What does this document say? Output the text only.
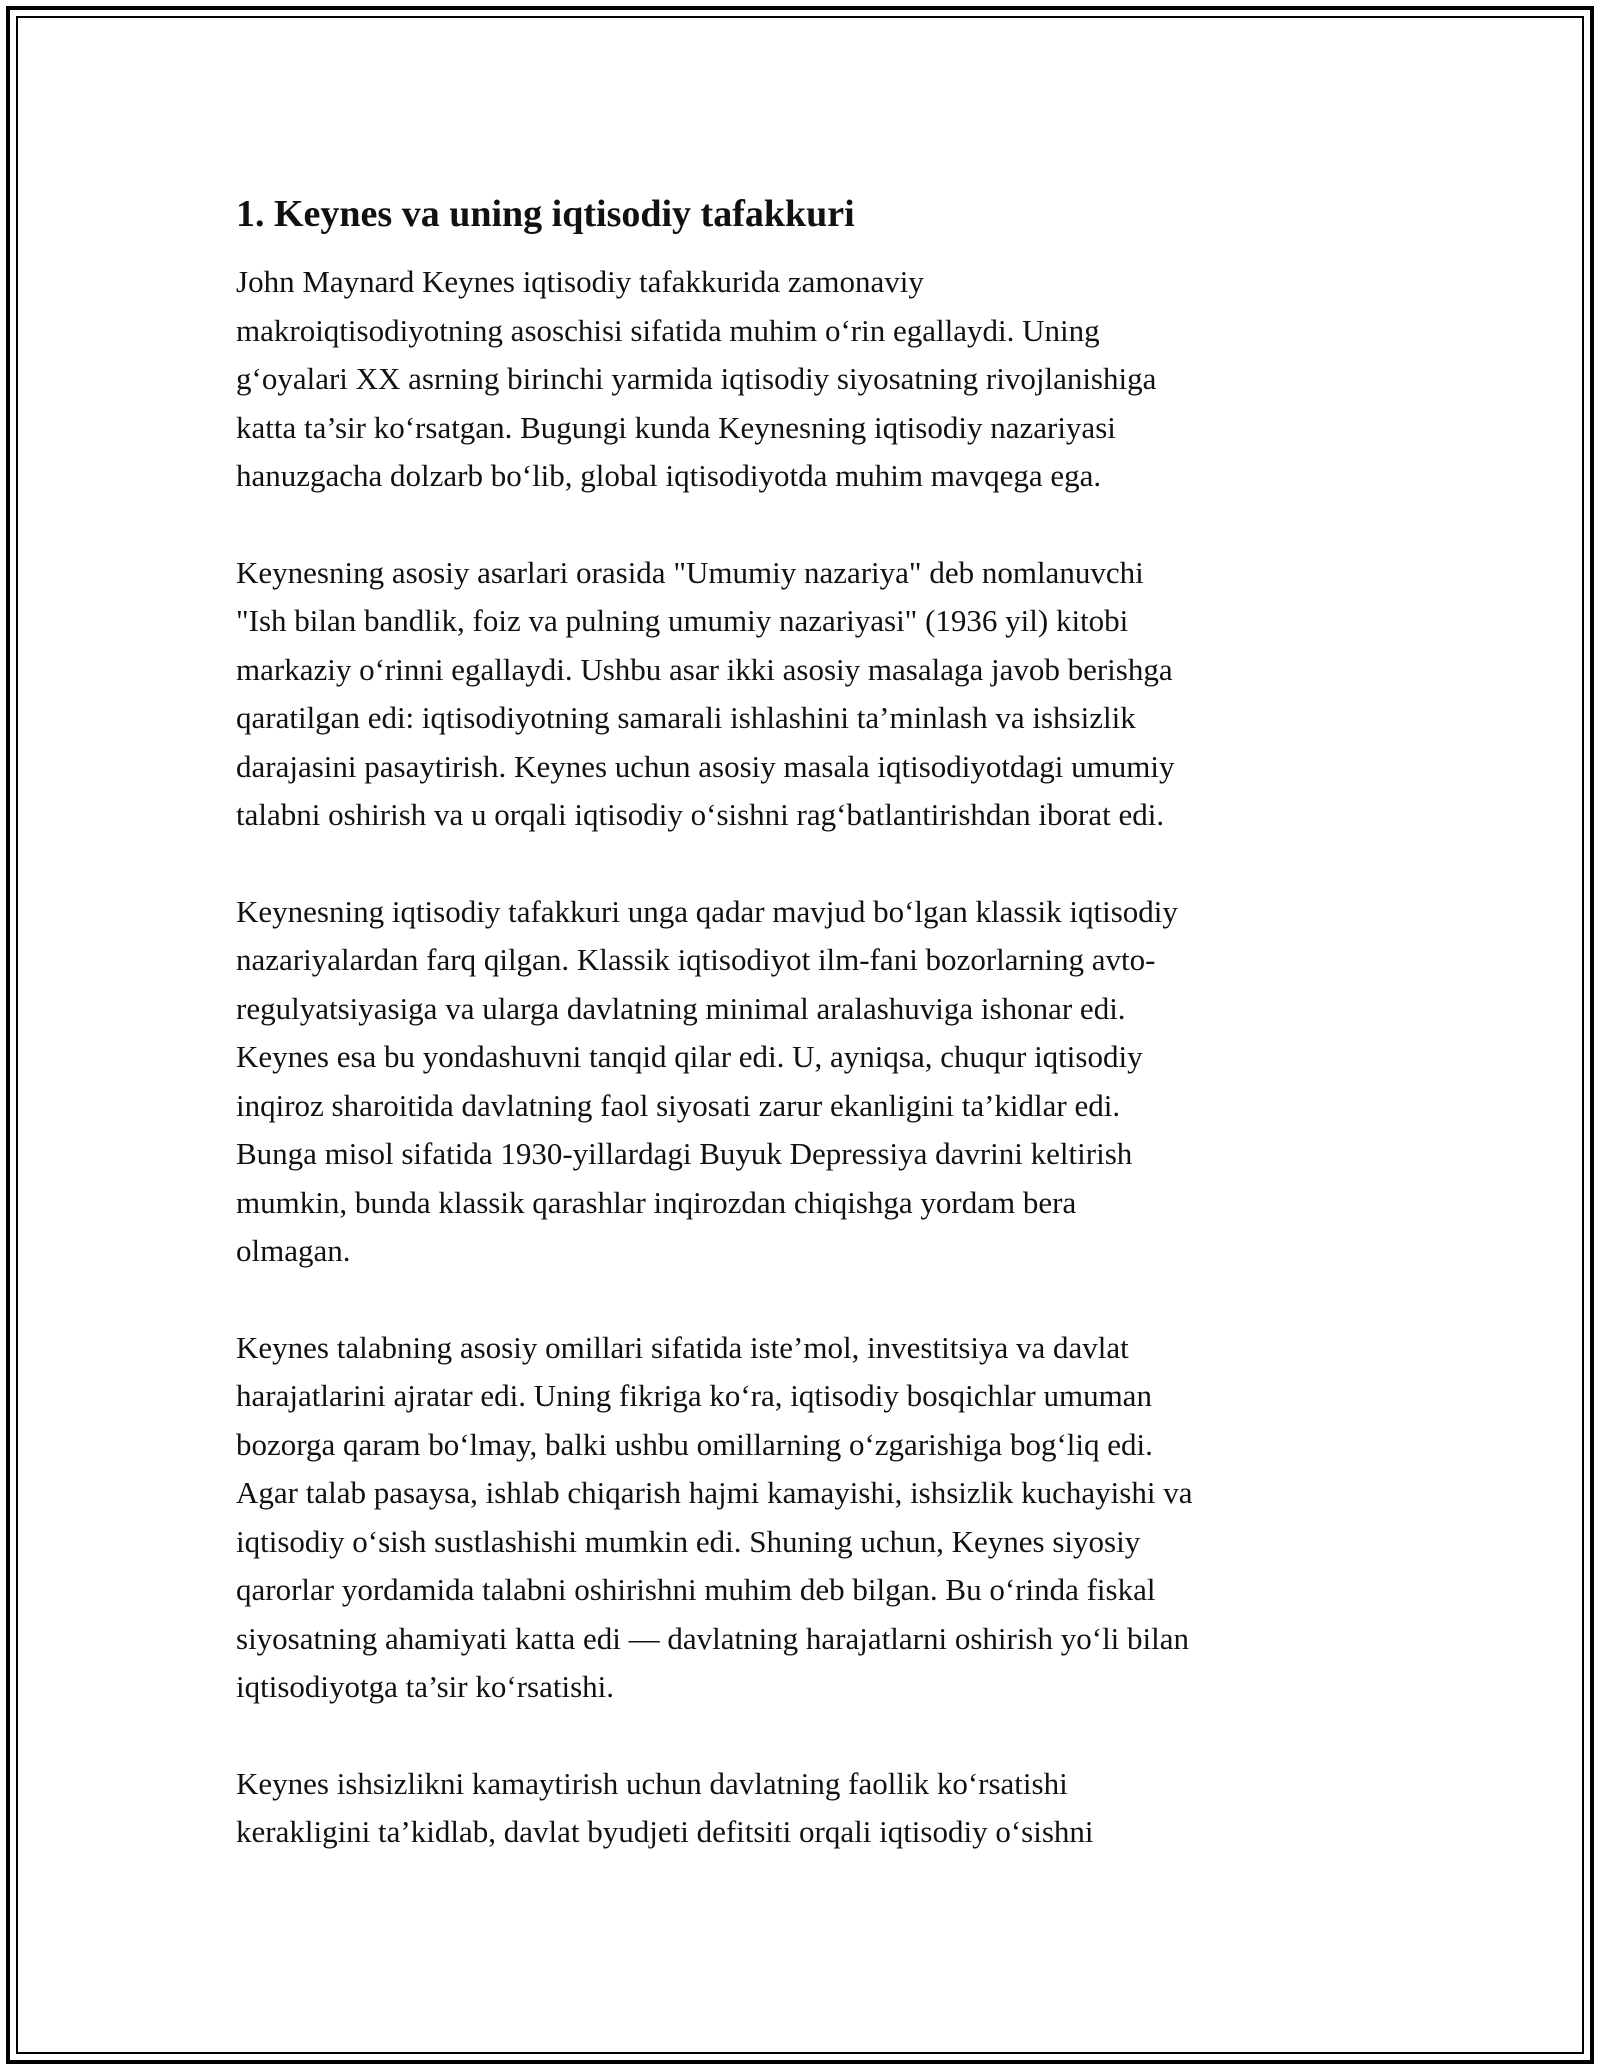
1. Keynes va uning iqtisodiy tafakkuri
John Maynard Keynes iqtisodiy tafakkurida zamonaviy
makroiqtisodiyotning asoschisi sifatida muhim oʻrin egallaydi. Uning
gʻoyalari XX asrning birinchi yarmida iqtisodiy siyosatning rivojlanishiga
katta ta’sir koʻrsatgan. Bugungi kunda Keynesning iqtisodiy nazariyasi
hanuzgacha dolzarb boʻlib, global iqtisodiyotda muhim mavqega ega.
Keynesning asosiy asarlari orasida "Umumiy nazariya" deb nomlanuvchi
"Ish bilan bandlik, foiz va pulning umumiy nazariyasi" (1936 yil) kitobi
markaziy oʻrinni egallaydi. Ushbu asar ikki asosiy masalaga javob berishga
qaratilgan edi: iqtisodiyotning samarali ishlashini ta’minlash va ishsizlik
darajasini pasaytirish. Keynes uchun asosiy masala iqtisodiyotdagi umumiy
talabni oshirish va u orqali iqtisodiy oʻsishni ragʻbatlantirishdan iborat edi.
Keynesning iqtisodiy tafakkuri unga qadar mavjud boʻlgan klassik iqtisodiy
nazariyalardan farq qilgan. Klassik iqtisodiyot ilm-fani bozorlarning avto-
regulyatsiyasiga va ularga davlatning minimal aralashuviga ishonar edi.
Keynes esa bu yondashuvni tanqid qilar edi. U, ayniqsa, chuqur iqtisodiy
inqiroz sharoitida davlatning faol siyosati zarur ekanligini ta’kidlar edi.
Bunga misol sifatida 1930-yillardagi Buyuk Depressiya davrini keltirish
mumkin, bunda klassik qarashlar inqirozdan chiqishga yordam bera
olmagan.
Keynes talabning asosiy omillari sifatida iste’mol, investitsiya va davlat
harajatlarini ajratar edi. Uning fikriga koʻra, iqtisodiy bosqichlar umuman
bozorga qaram boʻlmay, balki ushbu omillarning oʻzgarishiga bogʻliq edi.
Agar talab pasaysa, ishlab chiqarish hajmi kamayishi, ishsizlik kuchayishi va
iqtisodiy oʻsish sustlashishi mumkin edi. Shuning uchun, Keynes siyosiy
qarorlar yordamida talabni oshirishni muhim deb bilgan. Bu oʻrinda fiskal
siyosatning ahamiyati katta edi — davlatning harajatlarni oshirish yoʻli bilan
iqtisodiyotga ta’sir koʻrsatishi.
Keynes ishsizlikni kamaytirish uchun davlatning faollik koʻrsatishi
kerakligini ta’kidlab, davlat byudjeti defitsiti orqali iqtisodiy oʻsishni
